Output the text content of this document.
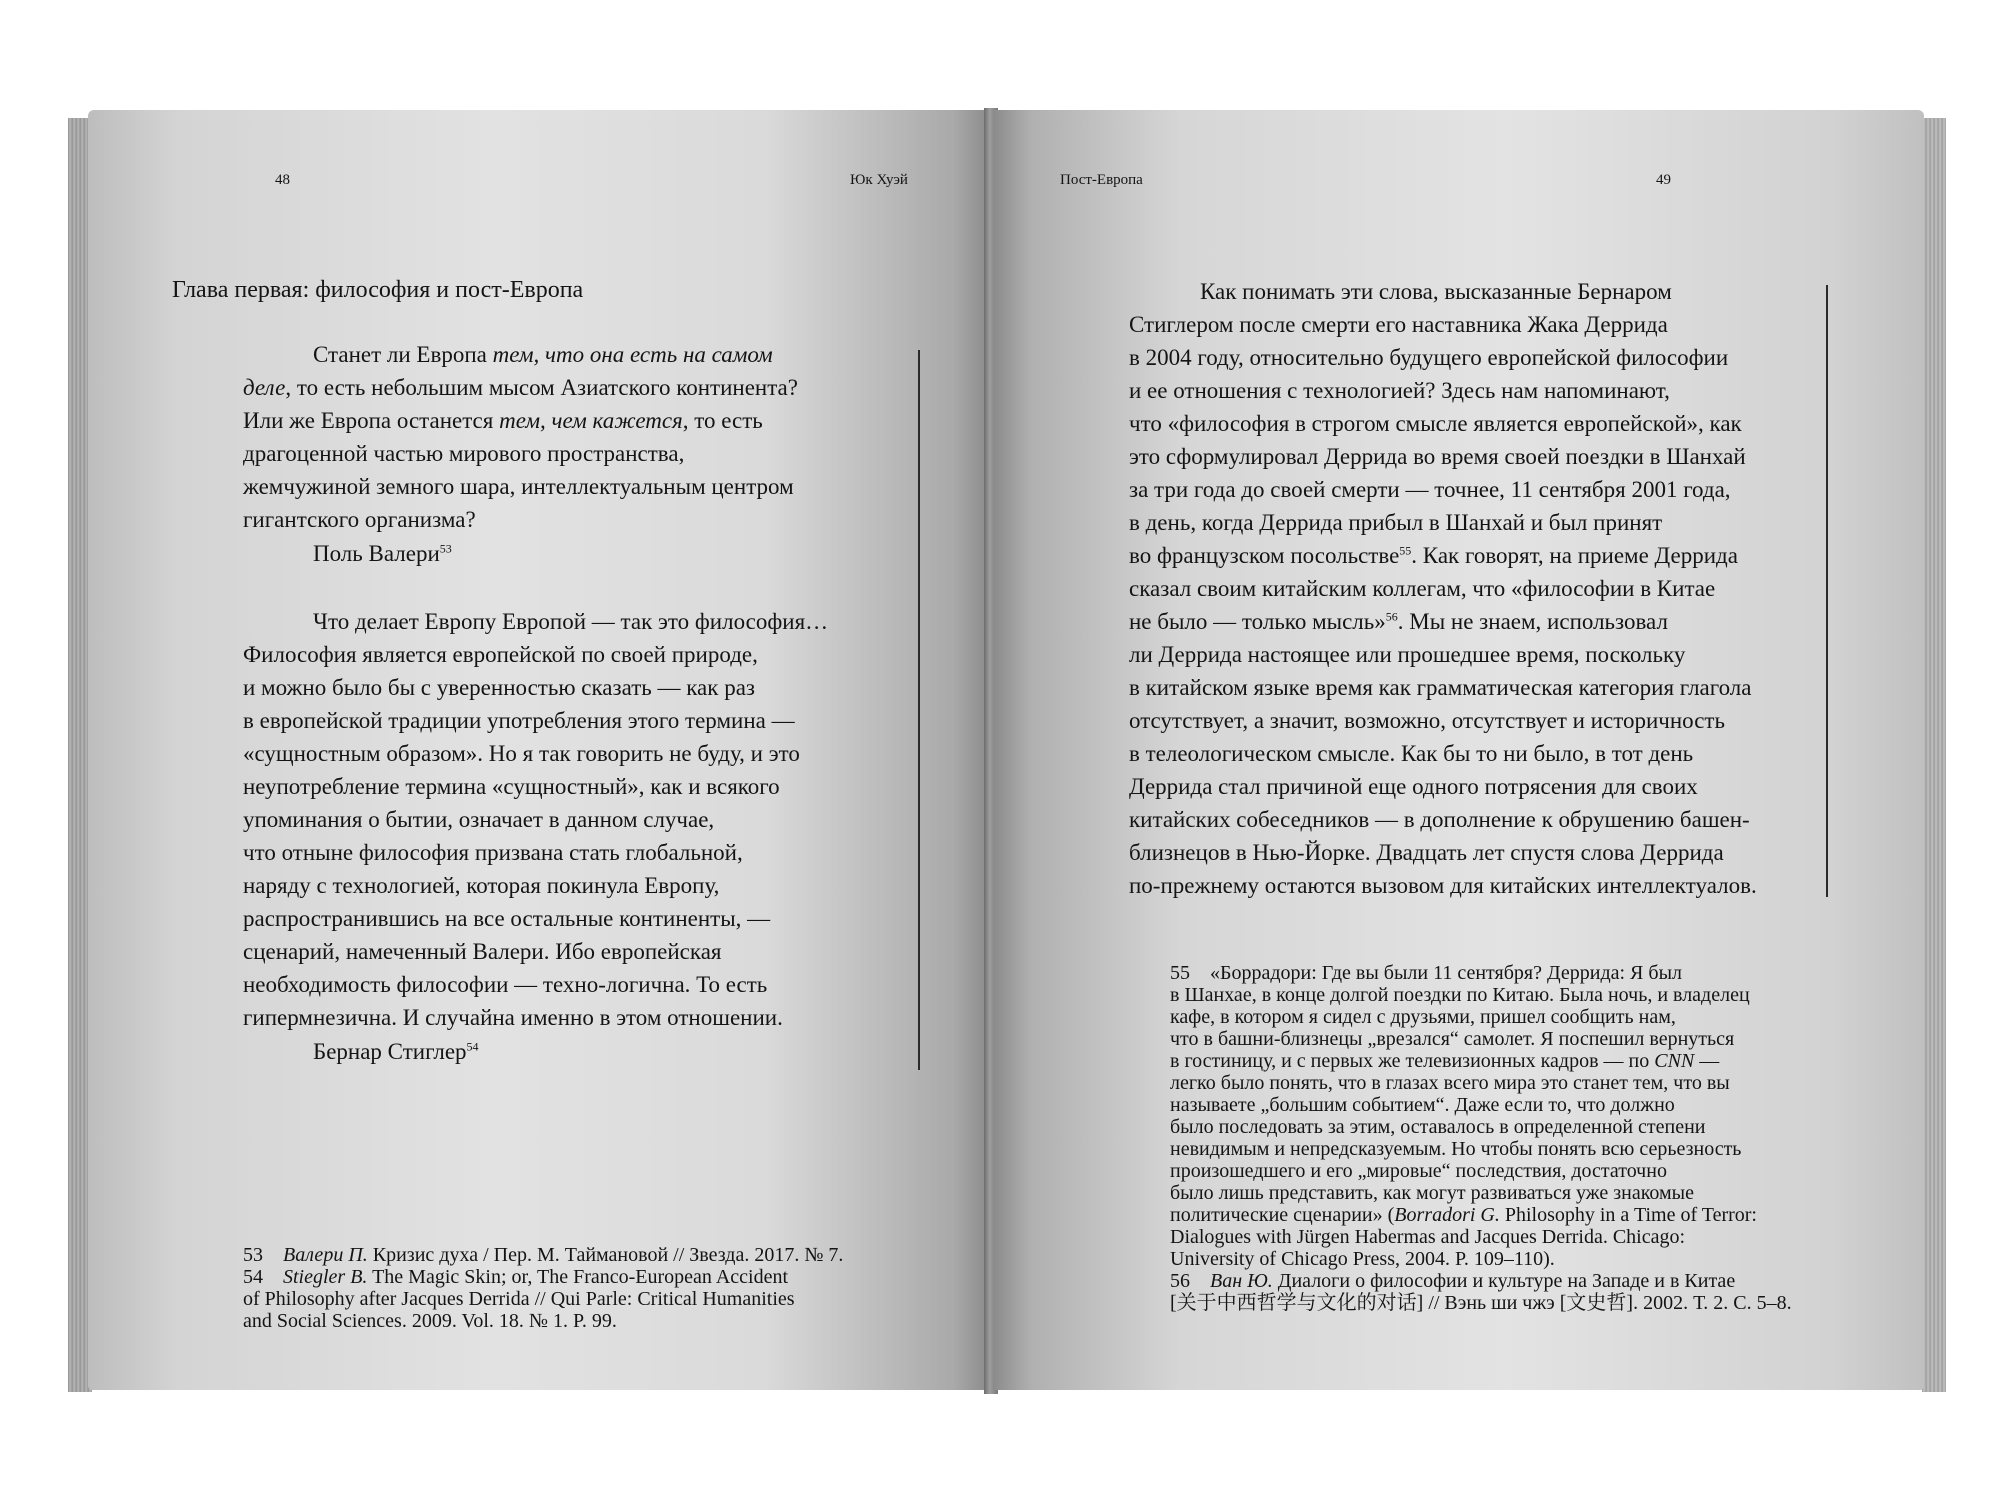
48	Юк Хуэй
Глава первая: философия и пост-Европа
Станет ли Европа тем, что она есть на самом
деле, то есть небольшим мысом Азиатского континента?
Или же Европа останется тем, чем кажется, то есть
драгоценной частью мирового пространства,
жемчужиной земного шара, интеллектуальным центром
гигантского организма?
Поль Валери$^{53}$
Что делает Европу Европой — так это философия…
Философия является европейской по своей природе,
и можно было бы с уверенностью сказать — как раз
в европейской традиции употребления этого термина —
«сущностным образом». Но я так говорить не буду, и это
неупотребление термина «сущностный», как и всякого
упоминания о бытии, означает в данном случае,
что отныне философия призвана стать глобальной,
наряду с технологией, которая покинула Европу,
распространившись на все остальные континенты, —
сценарий, намеченный Валери. Ибо европейская
необходимость философии — техно-логична. То есть
гипермнезична. И случайна именно в этом отношении.
Бернар Стиглер$^{54}$
53 Валери П. Кризис духа / Пер. М. Таймановой // Звезда. 2017. № 7.
54 Stiegler B. The Magic Skin; or, The Franco-European Accident
of Philosophy after Jacques Derrida // Qui Parle: Critical Humanities
and Social Sciences. 2009. Vol. 18. № 1. P. 99.
Пост-Европа	49
Как понимать эти слова, высказанные Бернаром
Стиглером после смерти его наставника Жака Деррида
в 2004 году, относительно будущего европейской философии
и ее отношения с технологией? Здесь нам напоминают,
что «философия в строгом смысле является европейской», как
это сформулировал Деррида во время своей поездки в Шанхай
за три года до своей смерти — точнее, 11 сентября 2001 года,
в день, когда Деррида прибыл в Шанхай и был принят
во французском посольстве$^{55}$. Как говорят, на приеме Деррида
сказал своим китайским коллегам, что «философии в Китае
не было — только мысль»$^{56}$. Мы не знаем, использовал
ли Деррида настоящее или прошедшее время, поскольку
в китайском языке время как грамматическая категория глагола
отсутствует, а значит, возможно, отсутствует и историчность
в телеологическом смысле. Как бы то ни было, в тот день
Деррида стал причиной еще одного потрясения для своих
китайских собеседников — в дополнение к обрушению башен-
близнецов в Нью-Йорке. Двадцать лет спустя слова Деррида
по-прежнему остаются вызовом для китайских интеллектуалов.
55 «Боррадори: Где вы были 11 сентября? Деррида: Я был
в Шанхае, в конце долгой поездки по Китаю. Была ночь, и владелец
кафе, в котором я сидел с друзьями, пришел сообщить нам,
что в башни-близнецы „врезался“ самолет. Я поспешил вернуться
в гостиницу, и с первых же телевизионных кадров — по CNN —
легко было понять, что в глазах всего мира это станет тем, что вы
называете „большим событием“. Даже если то, что должно
было последовать за этим, оставалось в определенной степени
невидимым и непредсказуемым. Но чтобы понять всю серьезность
произошедшего и его „мировые“ последствия, достаточно
было лишь представить, как могут развиваться уже знакомые
политические сценарии» (Borradori G. Philosophy in a Time of Terror:
Dialogues with Jürgen Habermas and Jacques Derrida. Chicago:
University of Chicago Press, 2004. P. 109–110).
56 Ван Ю. Диалоги о философии и культуре на Западе и в Китае
[关于中西哲学与文化的对话] // Вэнь ши чжэ [文史哲]. 2002. Т. 2. С. 5–8.
